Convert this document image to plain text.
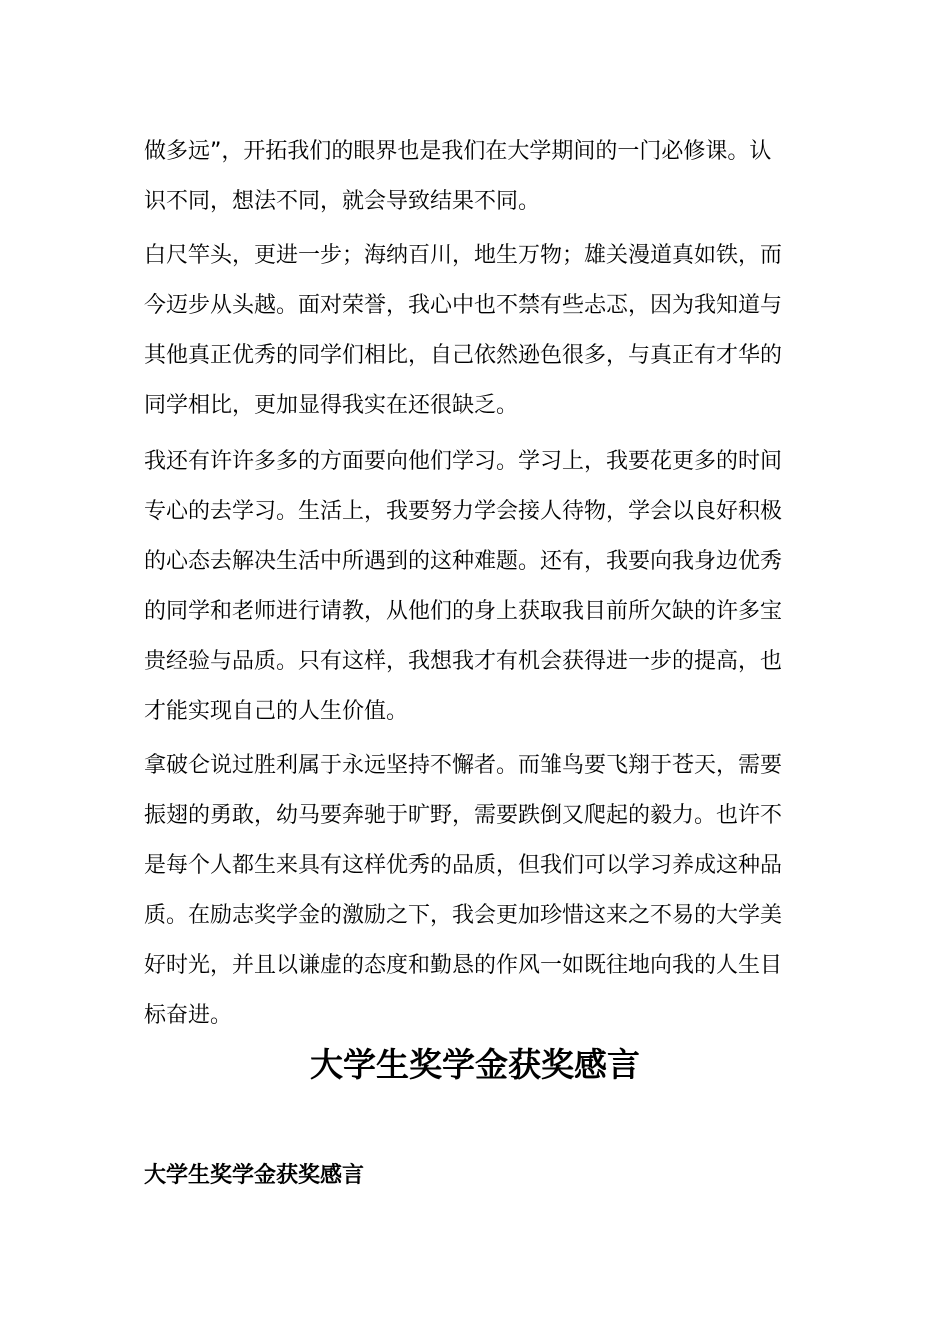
做多远”，开拓我们的眼界也是我们在大学期间的一门必修课。认
识不同，想法不同，就会导致结果不同。
白尺竿头，更进一步；海纳百川，地生万物；雄关漫道真如铁，而
今迈步从头越。面对荣誉，我心中也不禁有些忐忑，因为我知道与
其他真正优秀的同学们相比，自己依然逊色很多，与真正有才华的
同学相比，更加显得我实在还很缺乏。
我还有许许多多的方面要向他们学习。学习上，我要花更多的时间
专心的去学习。生活上，我要努力学会接人待物，学会以良好积极
的心态去解决生活中所遇到的这种难题。还有，我要向我身边优秀
的同学和老师进行请教，从他们的身上获取我目前所欠缺的许多宝
贵经验与品质。只有这样，我想我才有机会获得进一步的提高，也
才能实现自己的人生价值。
拿破仑说过胜利属于永远坚持不懈者。而雏鸟要飞翔于苍天，需要
振翅的勇敢，幼马要奔驰于旷野，需要跌倒又爬起的毅力。也许不
是每个人都生来具有这样优秀的品质，但我们可以学习养成这种品
质。在励志奖学金的激励之下，我会更加珍惜这来之不易的大学美
好时光，并且以谦虚的态度和勤恳的作风一如既往地向我的人生目
标奋进。
大学生奖学金获奖感言
大学生奖学金获奖感言
